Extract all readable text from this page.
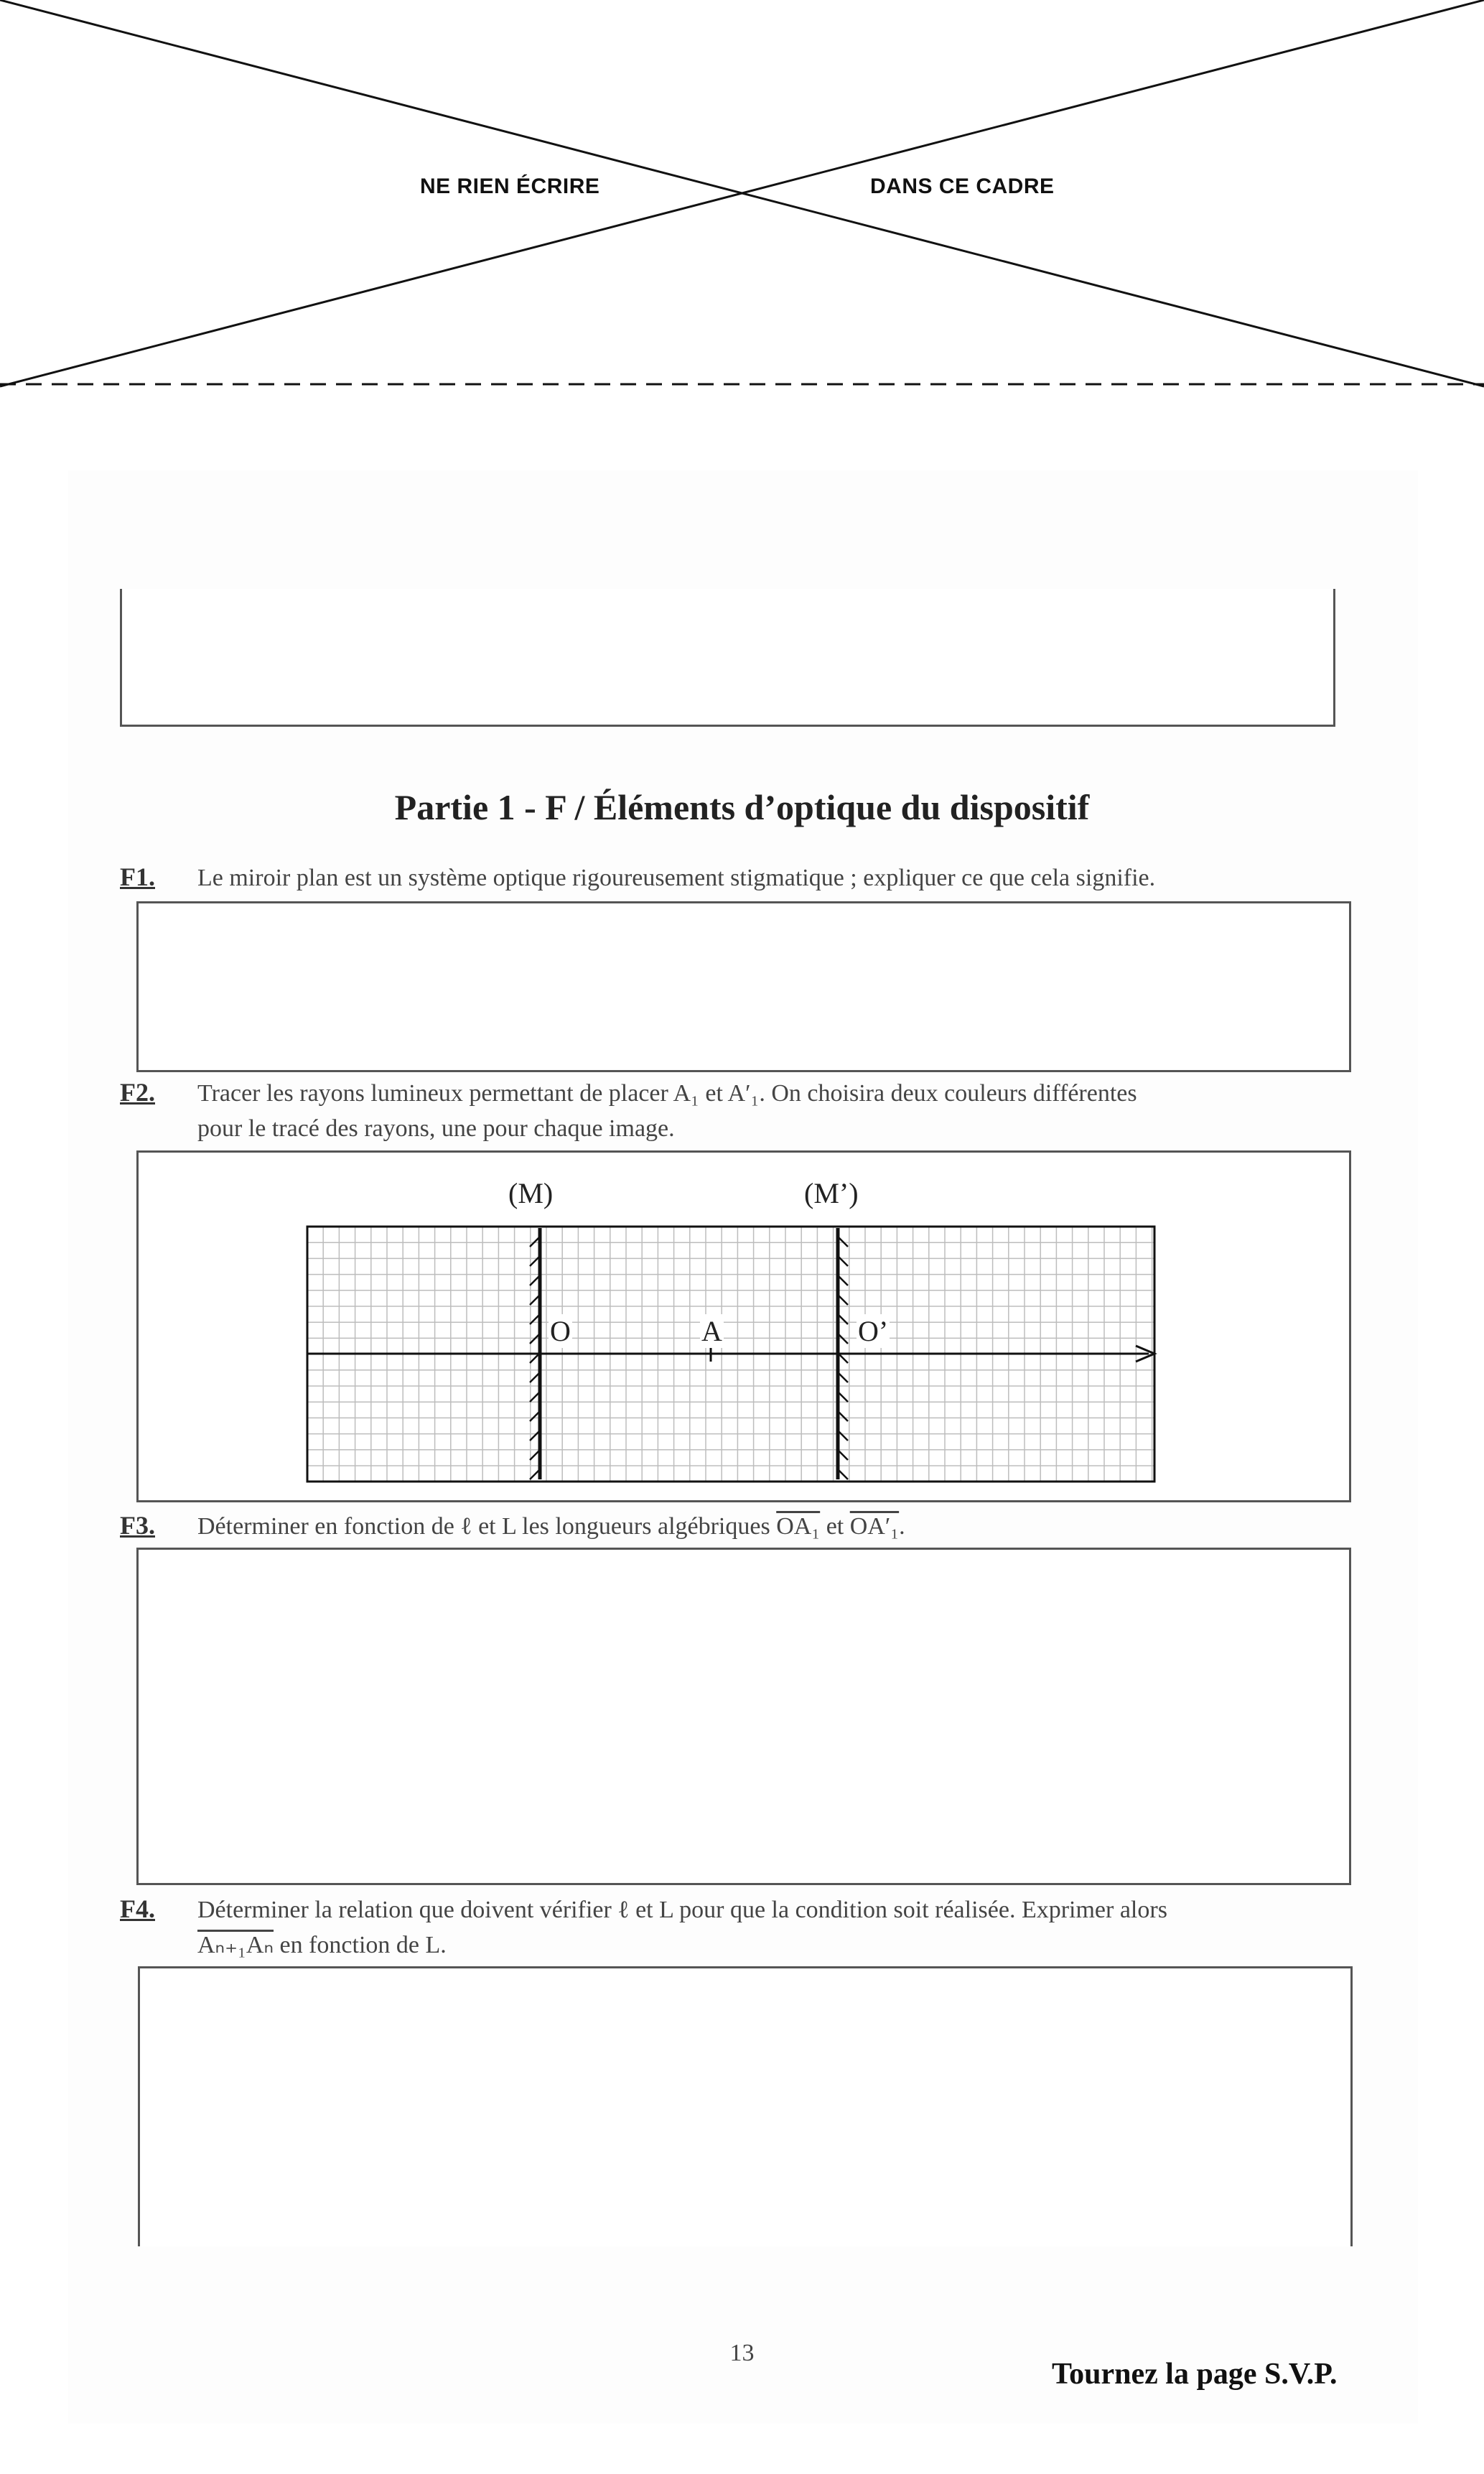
NE RIEN ÉCRIRE	DANS CE CADRE
Partie 1 - F / Éléments d’optique du dispositif
F1. Le miroir plan est un système optique rigoureusement stigmatique ; expliquer ce que cela signifie.
F2. Tracer les rayons lumineux permettant de placer A₁ et A′₁. On choisira deux couleurs différentes
pour le tracé des rayons, une pour chaque image.
(M)	(M’)
O	A	O’
F3. Déterminer en fonction de ℓ et L les longueurs algébriques OA₁ et OA′₁.
F4. Déterminer la relation que doivent vérifier ℓ et L pour que la condition soit réalisée. Exprimer alors
Aₙ₊₁Aₙ en fonction de L.
13
Tournez la page S.V.P.
